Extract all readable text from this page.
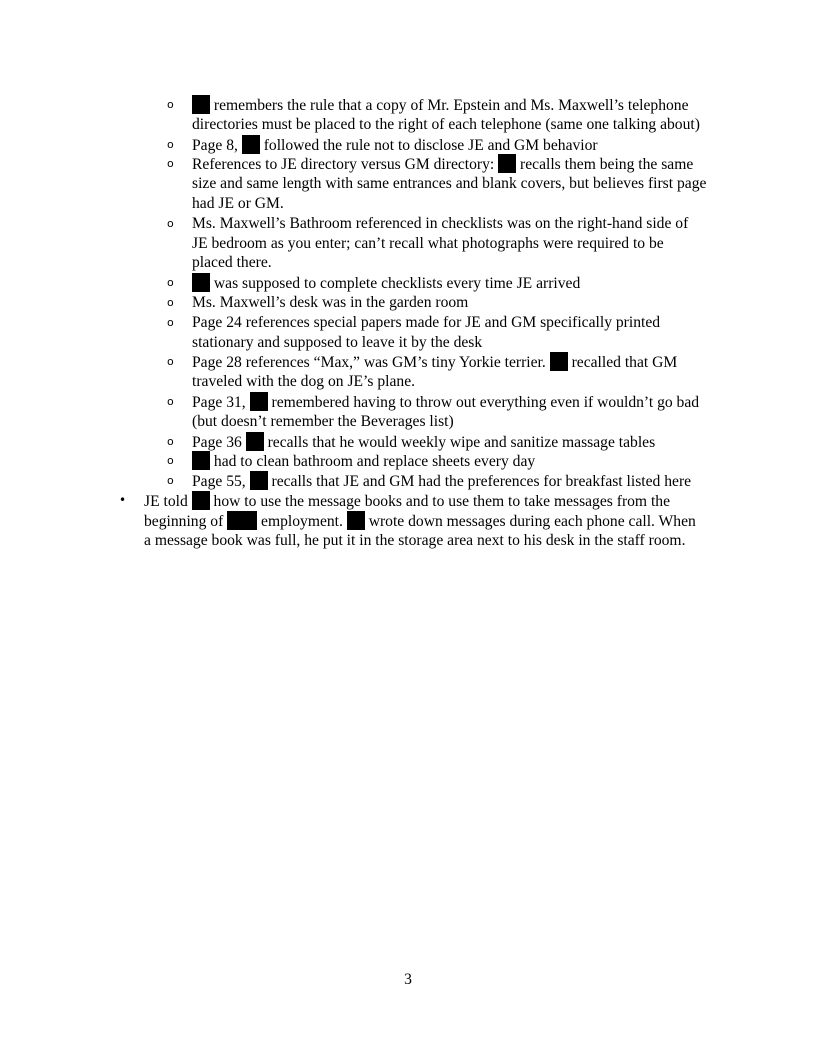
o	remembers the rule that a copy of Mr. Epstein and Ms. Maxwell’s telephone
directories must be placed to the right of each telephone (same one talking about)
o Page 8,  followed the rule not to disclose JE and GM behavior
o References to JE directory versus GM directory:  recalls them being the same
size and same length with same entrances and blank covers, but believes first page
had JE or GM.
o Ms. Maxwell’s Bathroom referenced in checklists was on the right-hand side of
JE bedroom as you enter; can’t recall what photographs were required to be
placed there.
o	was supposed to complete checklists every time JE arrived
o Ms. Maxwell’s desk was in the garden room
o Page 24 references special papers made for JE and GM specifically printed
stationary and supposed to leave it by the desk
o Page 28 references “Max,” was GM’s tiny Yorkie terrier.  recalled that GM
traveled with the dog on JE’s plane.
o Page 31,  remembered having to throw out everything even if wouldn’t go bad
(but doesn’t remember the Beverages list)
o Page 36  recalls that he would weekly wipe and sanitize massage tables
o	had to clean bathroom and replace sheets every day
o Page 55,  recalls that JE and GM had the preferences for breakfast listed here
• JE told  how to use the message books and to use them to take messages from the
beginning of  employment.  wrote down messages during each phone call. When
a message book was full, he put it in the storage area next to his desk in the staff room.
3
